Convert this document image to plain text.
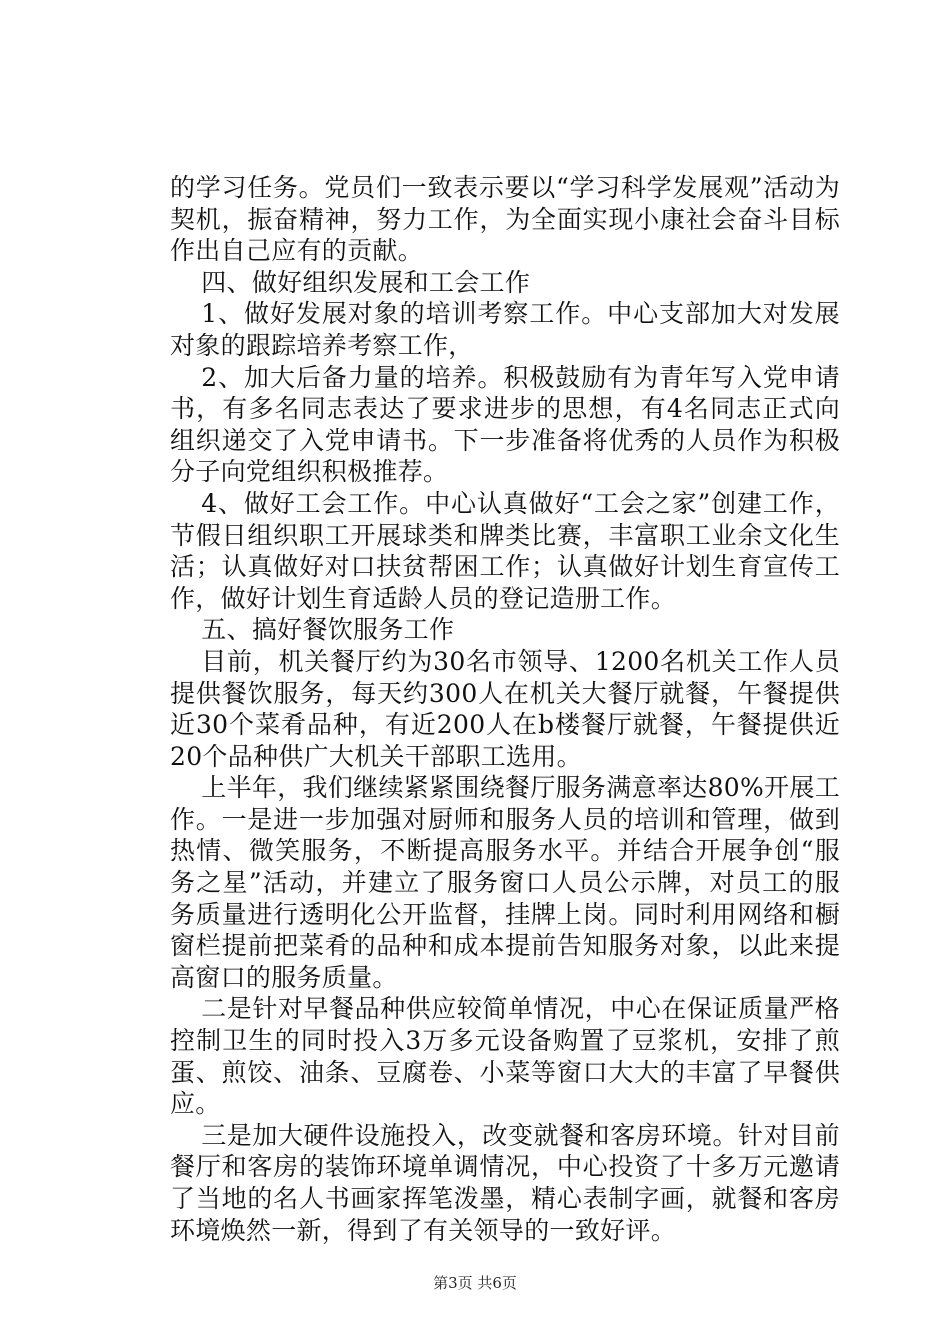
的学习任务。党员们一致表示要以“学习科学发展观”活动为契机，振奋精神，努力工作，为全面实现小康社会奋斗目标作出自己应有的贡献。

四、做好组织发展和工会工作

1、做好发展对象的培训考察工作。中心支部加大对发展对象的跟踪培养考察工作，

2、加大后备力量的培养。积极鼓励有为青年写入党申请书，有多名同志表达了要求进步的思想，有4名同志正式向组织递交了入党申请书。下一步准备将优秀的人员作为积极分子向党组织积极推荐。

4、做好工会工作。中心认真做好“工会之家”创建工作，节假日组织职工开展球类和牌类比赛，丰富职工业余文化生活；认真做好对口扶贫帮困工作；认真做好计划生育宣传工作，做好计划生育适龄人员的登记造册工作。

五、搞好餐饮服务工作

目前，机关餐厅约为30名市领导、1200名机关工作人员提供餐饮服务，每天约300人在机关大餐厅就餐，午餐提供近30个菜肴品种，有近200人在b楼餐厅就餐，午餐提供近20个品种供广大机关干部职工选用。

上半年，我们继续紧紧围绕餐厅服务满意率达80%开展工作。一是进一步加强对厨师和服务人员的培训和管理，做到热情、微笑服务，不断提高服务水平。并结合开展争创“服务之星”活动，并建立了服务窗口人员公示牌，对员工的服务质量进行透明化公开监督，挂牌上岗。同时利用网络和橱窗栏提前把菜肴的品种和成本提前告知服务对象，以此来提高窗口的服务质量。

二是针对早餐品种供应较简单情况，中心在保证质量严格控制卫生的同时投入3万多元设备购置了豆浆机，安排了煎蛋、煎饺、油条、豆腐卷、小菜等窗口大大的丰富了早餐供应。

三是加大硬件设施投入，改变就餐和客房环境。针对目前餐厅和客房的装饰环境单调情况，中心投资了十多万元邀请了当地的名人书画家挥笔泼墨，精心表制字画，就餐和客房环境焕然一新，得到了有关领导的一致好评。

第3页 共6页
